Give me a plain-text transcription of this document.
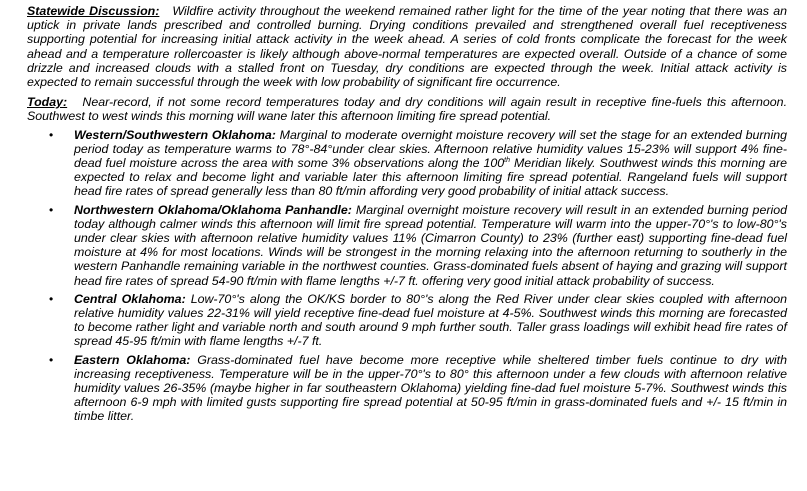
Statewide Discussion: Wildfire activity throughout the weekend remained rather light for the time of the year noting that there was an uptick in private lands prescribed and controlled burning. Drying conditions prevailed and strengthened overall fuel receptiveness supporting potential for increasing initial attack activity in the week ahead. A series of cold fronts complicate the forecast for the week ahead and a temperature rollercoaster is likely although above-normal temperatures are expected overall. Outside of a chance of some drizzle and increased clouds with a stalled front on Tuesday, dry conditions are expected through the week. Initial attack activity is expected to remain successful through the week with low probability of significant fire occurrence.

Today: Near-record, if not some record temperatures today and dry conditions will again result in receptive fine-fuels this afternoon. Southwest to west winds this morning will wane later this afternoon limiting fire spread potential.

• Western/Southwestern Oklahoma: Marginal to moderate overnight moisture recovery will set the stage for an extended burning period today as temperature warms to 78°-84°under clear skies. Afternoon relative humidity values 15-23% will support 4% fine-dead fuel moisture across the area with some 3% observations along the 100th Meridian likely. Southwest winds this morning are expected to relax and become light and variable later this afternoon limiting fire spread potential. Rangeland fuels will support head fire rates of spread generally less than 80 ft/min affording very good probability of initial attack success.

• Northwestern Oklahoma/Oklahoma Panhandle: Marginal overnight moisture recovery will result in an extended burning period today although calmer winds this afternoon will limit fire spread potential. Temperature will warm into the upper-70°'s to low-80°'s under clear skies with afternoon relative humidity values 11% (Cimarron County) to 23% (further east) supporting fine-dead fuel moisture at 4% for most locations. Winds will be strongest in the morning relaxing into the afternoon returning to southerly in the western Panhandle remaining variable in the northwest counties. Grass-dominated fuels absent of haying and grazing will support head fire rates of spread 54-90 ft/min with flame lengths +/-7 ft. offering very good initial attack probability of success.

• Central Oklahoma: Low-70°'s along the OK/KS border to 80°'s along the Red River under clear skies coupled with afternoon relative humidity values 22-31% will yield receptive fine-dead fuel moisture at 4-5%. Southwest winds this morning are forecasted to become rather light and variable north and south around 9 mph further south. Taller grass loadings will exhibit head fire rates of spread 45-95 ft/min with flame lengths +/-7 ft.

• Eastern Oklahoma: Grass-dominated fuel have become more receptive while sheltered timber fuels continue to dry with increasing receptiveness. Temperature will be in the upper-70°'s to 80° this afternoon under a few clouds with afternoon relative humidity values 26-35% (maybe higher in far southeastern Oklahoma) yielding fine-dad fuel moisture 5-7%. Southwest winds this afternoon 6-9 mph with limited gusts supporting fire spread potential at 50-95 ft/min in grass-dominated fuels and +/- 15 ft/min in timbe litter.
